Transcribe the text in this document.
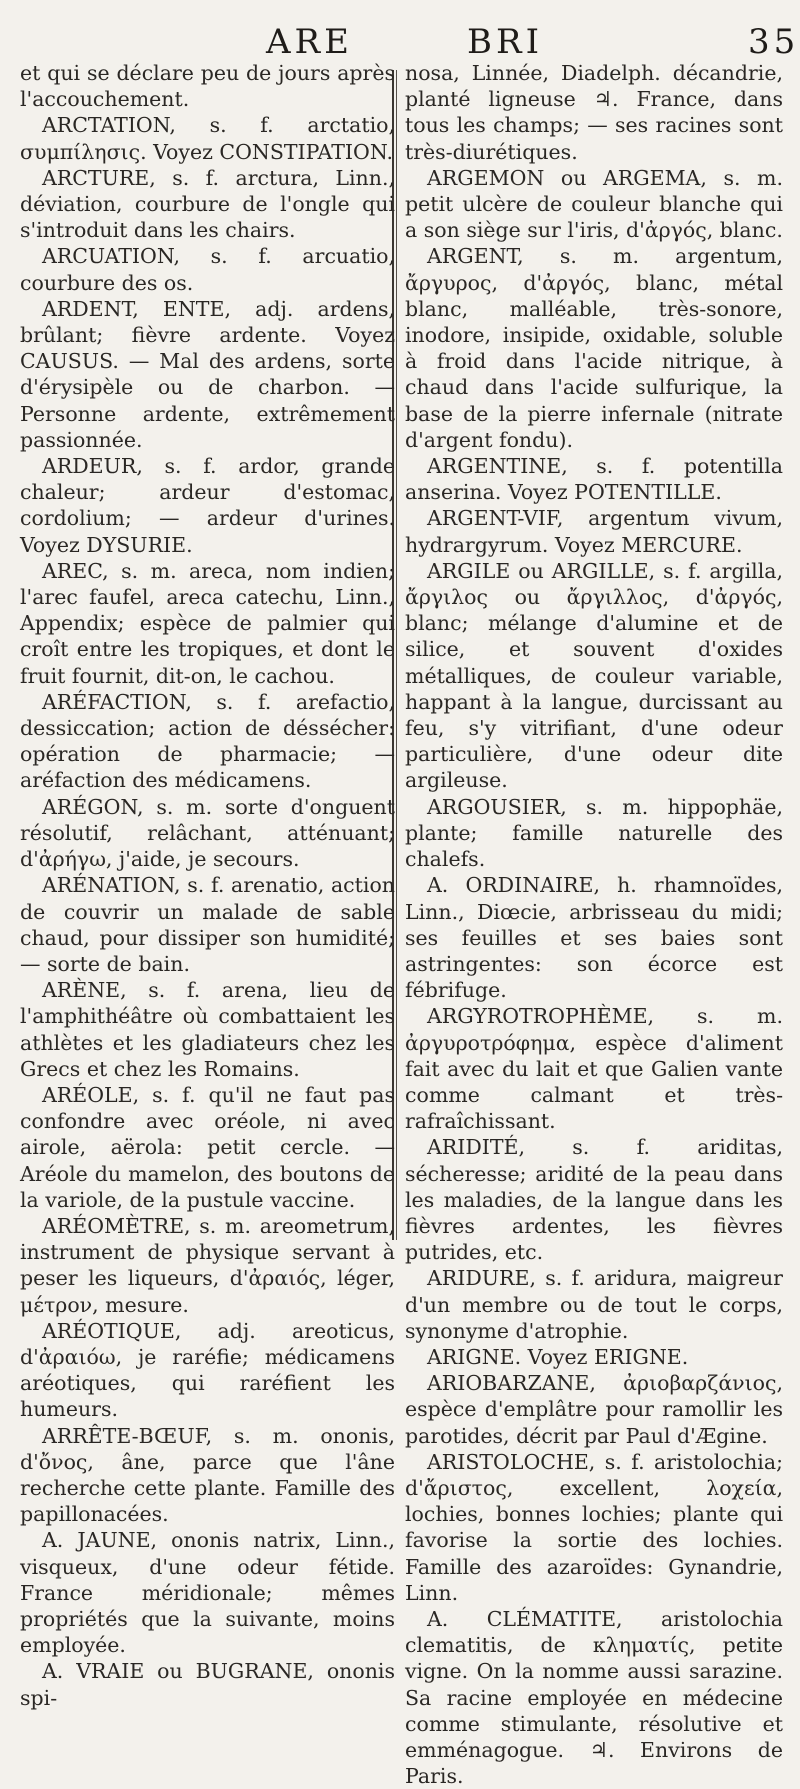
ARE	BRI	35

et qui se déclare peu de jours après l'accouchement.

ARCTATION, s. f. arctatio, συμπίλησις. Voyez CONSTIPATION.

ARCTURE, s. f. arctura, Linn., déviation, courbure de l'ongle qui s'introduit dans les chairs.

ARCUATION, s. f. arcuatio, courbure des os.

ARDENT, ENTE, adj. ardens, brûlant; fièvre ardente. Voyez CAUSUS. — Mal des ardens, sorte d'érysipèle ou de charbon. — Personne ardente, extrêmement passionnée.

ARDEUR, s. f. ardor, grande chaleur; ardeur d'estomac, cordolium; — ardeur d'urines. Voyez DYSURIE.

AREC, s. m. areca, nom indien; l'arec faufel, areca catechu, Linn., Appendix; espèce de palmier qui croît entre les tropiques, et dont le fruit fournit, dit-on, le cachou.

ARÉFACTION, s. f. arefactio, dessiccation; action de déssécher: opération de pharmacie; — aréfaction des médicamens.

ARÉGON, s. m. sorte d'onguent résolutif, relâchant, atténuant; d'ἀρήγω, j'aide, je secours.

ARÉNATION, s. f. arenatio, action de couvrir un malade de sable chaud, pour dissiper son humidité; — sorte de bain.

ARÈNE, s. f. arena, lieu de l'amphithéâtre où combattaient les athlètes et les gladiateurs chez les Grecs et chez les Romains.

ARÉOLE, s. f. qu'il ne faut pas confondre avec oréole, ni avec airole, aërola: petit cercle. — Aréole du mamelon, des boutons de la variole, de la pustule vaccine.

ARÉOMÈTRE, s. m. areometrum, instrument de physique servant à peser les liqueurs, d'ἀραιός, léger, μέτρον, mesure.

ARÉOTIQUE, adj. areoticus, d'ἀραιόω, je raréfie; médicamens aréotiques, qui raréfient les humeurs.

ARRÊTE-BŒUF, s. m. ononis, d'ὄνος, âne, parce que l'âne recherche cette plante. Famille des papillonacées.

A. JAUNE, ononis natrix, Linn., visqueux, d'une odeur fétide. France méridionale; mêmes propriétés que la suivante, moins employée.

A. VRAIE ou BUGRANE, ononis spi-

nosa, Linnée, Diadelph. décandrie, planté ligneuse ♃. France, dans tous les champs; — ses racines sont très-diurétiques.

ARGEMON ou ARGEMA, s. m. petit ulcère de couleur blanche qui a son siège sur l'iris, d'ἀργός, blanc.

ARGENT, s. m. argentum, ἄργυρος, d'ἀργός, blanc, métal blanc, malléable, très-sonore, inodore, insipide, oxidable, soluble à froid dans l'acide nitrique, à chaud dans l'acide sulfurique, la base de la pierre infernale (nitrate d'argent fondu).

ARGENTINE, s. f. potentilla anserina. Voyez POTENTILLE.

ARGENT-VIF, argentum vivum, hydrargyrum. Voyez MERCURE.

ARGILE ou ARGILLE, s. f. argilla, ἄργιλος ou ἄργιλλος, d'ἀργός, blanc; mélange d'alumine et de silice, et souvent d'oxides métalliques, de couleur variable, happant à la langue, durcissant au feu, s'y vitrifiant, d'une odeur particulière, d'une odeur dite argileuse.

ARGOUSIER, s. m. hippophäe, plante; famille naturelle des chalefs.

A. ORDINAIRE, h. rhamnoïdes, Linn., Diœcie, arbrisseau du midi; ses feuilles et ses baies sont astringentes: son écorce est fébrifuge.

ARGYROTROPHÈME, s. m. ἀργυροτρόφημα, espèce d'aliment fait avec du lait et que Galien vante comme calmant et très-rafraîchissant.

ARIDITÉ, s. f. ariditas, sécheresse; aridité de la peau dans les maladies, de la langue dans les fièvres ardentes, les fièvres putrides, etc.

ARIDURE, s. f. aridura, maigreur d'un membre ou de tout le corps, synonyme d'atrophie.

ARIGNE. Voyez ERIGNE.

ARIOBARZANE, ἀριοβαρζάνιος, espèce d'emplâtre pour ramollir les parotides, décrit par Paul d'Ægine.

ARISTOLOCHE, s. f. aristolochia; d'ἄριστος, excellent, λοχεία, lochies, bonnes lochies; plante qui favorise la sortie des lochies. Famille des azaroïdes: Gynandrie, Linn.

A. CLÉMATITE, aristolochia clematitis, de κληματίς, petite vigne. On la nomme aussi sarazine. Sa racine employée en médecine comme stimulante, résolutive et emménagogue. ♃. Environs de Paris.
